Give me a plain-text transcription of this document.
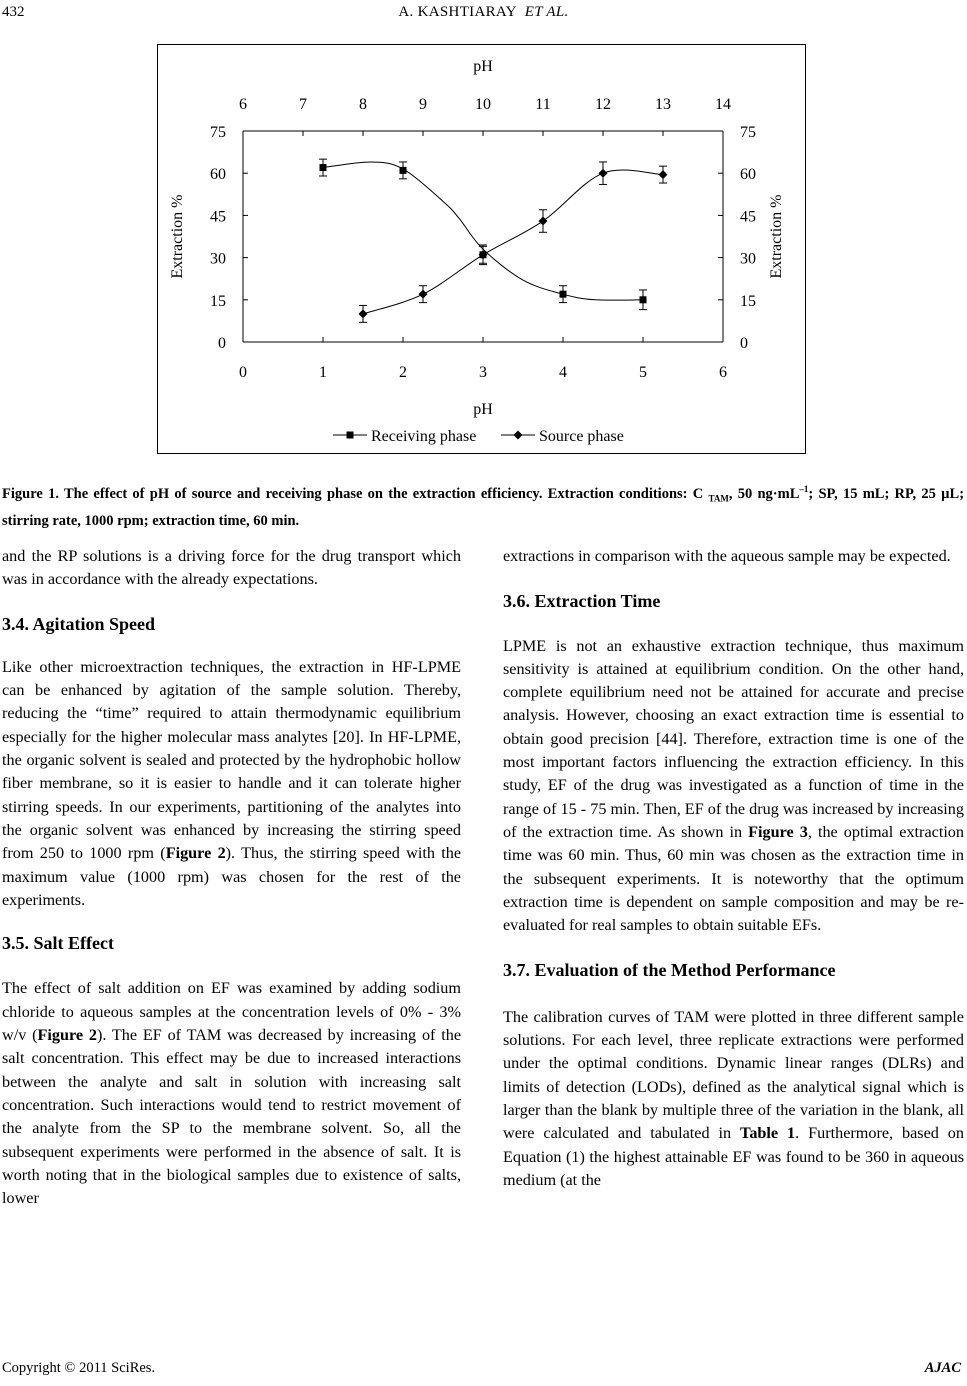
432	A. KASHTIARAY ET AL.
0	1	2	3	4	5	6
pH
6	7	8	9	10	11	12	13	14
pH
0
15
30
45
60
75
0
15
30
45
60
75
Extraction %	Extraction %
Receiving phase	Source phase
Figure 1. The effect of pH of source and receiving phase on the extraction efficiency. Extraction conditions: C $_{TAM}$, 50 $ng\cdot mL^{-1}$; SP, 15 mL; RP, 25 µL; stirring rate, 1000 rpm; extraction time, 60 min.

and the RP solutions is a driving force for the drug transport which was in accordance with the already expectations.

3.4. Agitation Speed

Like other microextraction techniques, the extraction in HF-LPME can be enhanced by agitation of the sample solution. Thereby, reducing the “time” required to attain thermodynamic equilibrium especially for the higher molecular mass analytes [20]. In HF-LPME, the organic solvent is sealed and protected by the hydrophobic hollow fiber membrane, so it is easier to handle and it can tolerate higher stirring speeds. In our experiments, partitioning of the analytes into the organic solvent was enhanced by increasing the stirring speed from 250 to 1000 rpm (Figure 2). Thus, the stirring speed with the maximum value (1000 rpm) was chosen for the rest of the experiments.

3.5. Salt Effect

The effect of salt addition on EF was examined by adding sodium chloride to aqueous samples at the concentration levels of 0% - 3% w/v (Figure 2). The EF of TAM was decreased by increasing of the salt concentration. This effect may be due to increased interactions between the analyte and salt in solution with increasing salt concentration. Such interactions would tend to restrict movement of the analyte from the SP to the membrane solvent. So, all the subsequent experiments were performed in the absence of salt. It is worth noting that in the biological samples due to existence of salts, lower

extractions in comparison with the aqueous sample may be expected.

3.6. Extraction Time

LPME is not an exhaustive extraction technique, thus maximum sensitivity is attained at equilibrium condition. On the other hand, complete equilibrium need not be attained for accurate and precise analysis. However, choosing an exact extraction time is essential to obtain good precision [44]. Therefore, extraction time is one of the most important factors influencing the extraction efficiency. In this study, EF of the drug was investigated as a function of time in the range of 15 - 75 min. Then, EF of the drug was increased by increasing of the extraction time. As shown in Figure 3, the optimal extraction time was 60 min. Thus, 60 min was chosen as the extraction time in the subsequent experiments. It is noteworthy that the optimum extraction time is dependent on sample composition and may be re-evaluated for real samples to obtain suitable EFs.

3.7. Evaluation of the Method Performance

The calibration curves of TAM were plotted in three different sample solutions. For each level, three replicate extractions were performed under the optimal conditions. Dynamic linear ranges (DLRs) and limits of detection (LODs), defined as the analytical signal which is larger than the blank by multiple three of the variation in the blank, all were calculated and tabulated in Table 1. Furthermore, based on Equation (1) the highest attainable EF was found to be 360 in aqueous medium (at the

Copyright © 2011 SciRes.	AJAC
